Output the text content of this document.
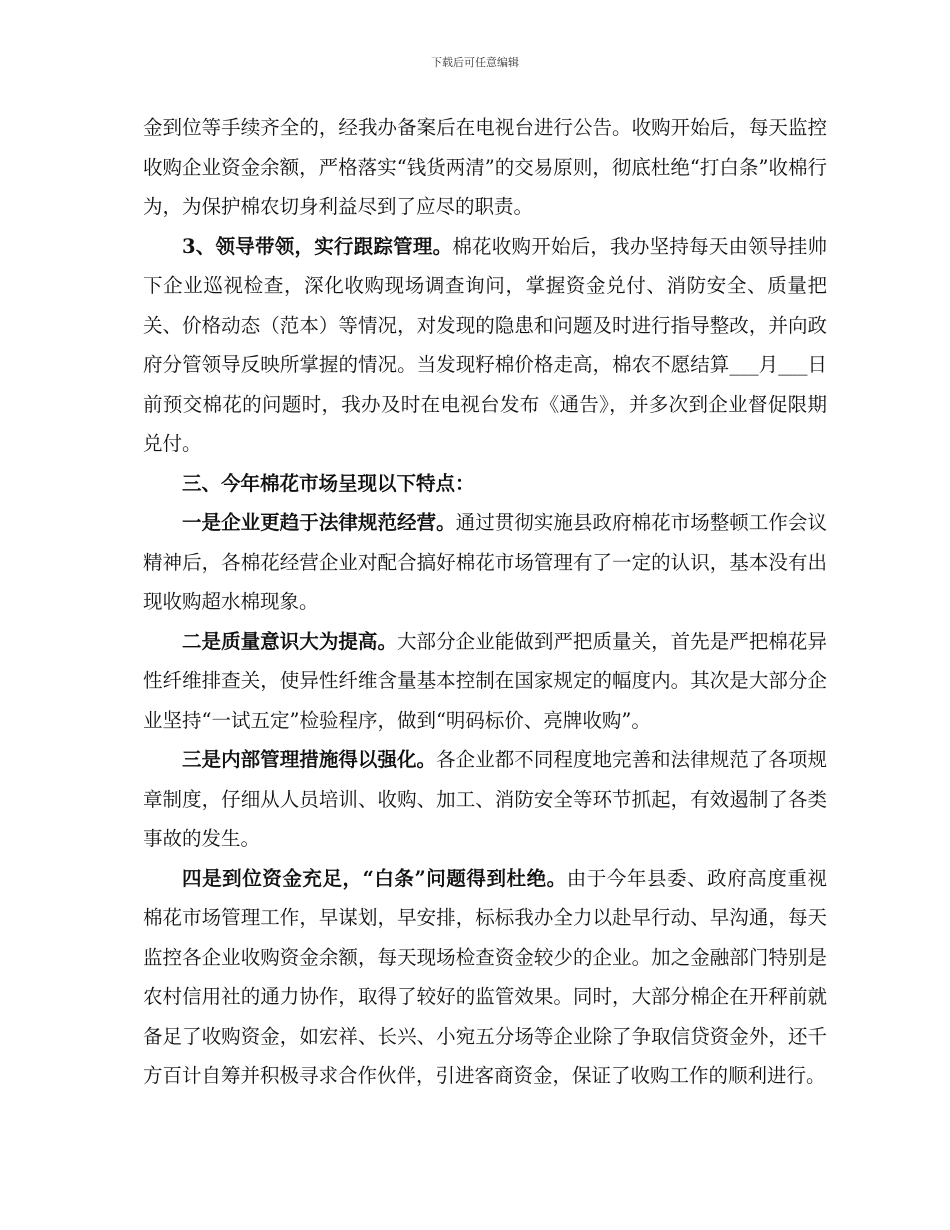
下载后可任意编辑

金到位等手续齐全的，经我办备案后在电视台进行公告。收购开始后，每天监控收购企业资金余额，严格落实“钱货两清”的交易原则，彻底杜绝“打白条”收棉行为，为保护棉农切身利益尽到了应尽的职责。

3、领导带领，实行跟踪管理。棉花收购开始后，我办坚持每天由领导挂帅下企业巡视检查，深化收购现场调查询问，掌握资金兑付、消防安全、质量把关、价格动态（范本）等情况，对发现的隐患和问题及时进行指导整改，并向政府分管领导反映所掌握的情况。当发现籽棉价格走高，棉农不愿结算___月___日前预交棉花的问题时，我办及时在电视台发布《通告》，并多次到企业督促限期兑付。

三、今年棉花市场呈现以下特点：

一是企业更趋于法律规范经营。通过贯彻实施县政府棉花市场整顿工作会议精神后，各棉花经营企业对配合搞好棉花市场管理有了一定的认识，基本没有出现收购超水棉现象。

二是质量意识大为提高。大部分企业能做到严把质量关，首先是严把棉花异性纤维排查关，使异性纤维含量基本控制在国家规定的幅度内。其次是大部分企业坚持“一试五定”检验程序，做到“明码标价、亮牌收购”。

三是内部管理措施得以强化。各企业都不同程度地完善和法律规范了各项规章制度，仔细从人员培训、收购、加工、消防安全等环节抓起，有效遏制了各类事故的发生。

四是到位资金充足，“白条”问题得到杜绝。由于今年县委、政府高度重视棉花市场管理工作，早谋划，早安排，标标我办全力以赴早行动、早沟通，每天监控各企业收购资金余额，每天现场检查资金较少的企业。加之金融部门特别是农村信用社的通力协作，取得了较好的监管效果。同时，大部分棉企在开秤前就备足了收购资金，如宏祥、长兴、小宛五分场等企业除了争取信贷资金外，还千方百计自筹并积极寻求合作伙伴，引进客商资金，保证了收购工作的顺利进行。
